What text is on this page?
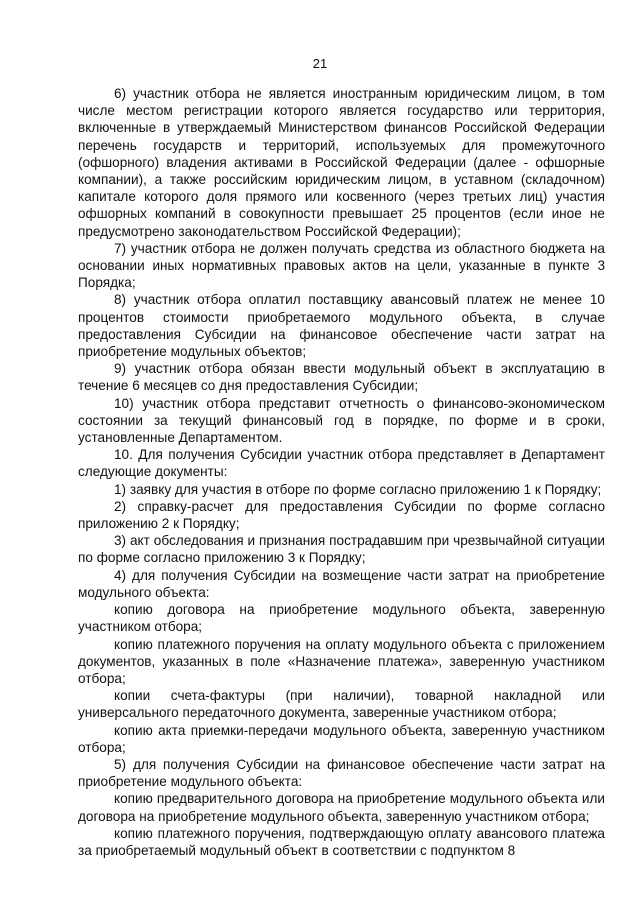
21

6) участник отбора не является иностранным юридическим лицом, в том числе местом регистрации которого является государство или территория, включенные в утверждаемый Министерством финансов Российской Федерации перечень государств и территорий, используемых для промежуточного (офшорного) владения активами в Российской Федерации (далее - офшорные компании), а также российским юридическим лицом, в уставном (складочном) капитале которого доля прямого или косвенного (через третьих лиц) участия офшорных компаний в совокупности превышает 25 процентов (если иное не предусмотрено законодательством Российской Федерации);

7) участник отбора не должен получать средства из областного бюджета на основании иных нормативных правовых актов на цели, указанные в пункте 3 Порядка;

8) участник отбора оплатил поставщику авансовый платеж не менее 10 процентов стоимости приобретаемого модульного объекта, в случае предоставления Субсидии на финансовое обеспечение части затрат на приобретение модульных объектов;

9) участник отбора обязан ввести модульный объект в эксплуатацию в течение 6 месяцев со дня предоставления Субсидии;

10) участник отбора представит отчетность о финансово-экономическом состоянии за текущий финансовый год в порядке, по форме и в сроки, установленные Департаментом.

10. Для получения Субсидии участник отбора представляет в Департамент следующие документы:

1) заявку для участия в отборе по форме согласно приложению 1 к Порядку;

2) справку-расчет для предоставления Субсидии по форме согласно приложению 2 к Порядку;

3) акт обследования и признания пострадавшим при чрезвычайной ситуации по форме согласно приложению 3 к Порядку;

4) для получения Субсидии на возмещение части затрат на приобретение модульного объекта:

копию договора на приобретение модульного объекта, заверенную участником отбора;

копию платежного поручения на оплату модульного объекта с приложением документов, указанных в поле «Назначение платежа», заверенную участником отбора;

копии счета-фактуры (при наличии), товарной накладной или универсального передаточного документа, заверенные участником отбора;

копию акта приемки-передачи модульного объекта, заверенную участником отбора;

5) для получения Субсидии на финансовое обеспечение части затрат на приобретение модульного объекта:

копию предварительного договора на приобретение модульного объекта или договора на приобретение модульного объекта, заверенную участником отбора;

копию платежного поручения, подтверждающую оплату авансового платежа за приобретаемый модульный объект в соответствии с подпунктом 8
